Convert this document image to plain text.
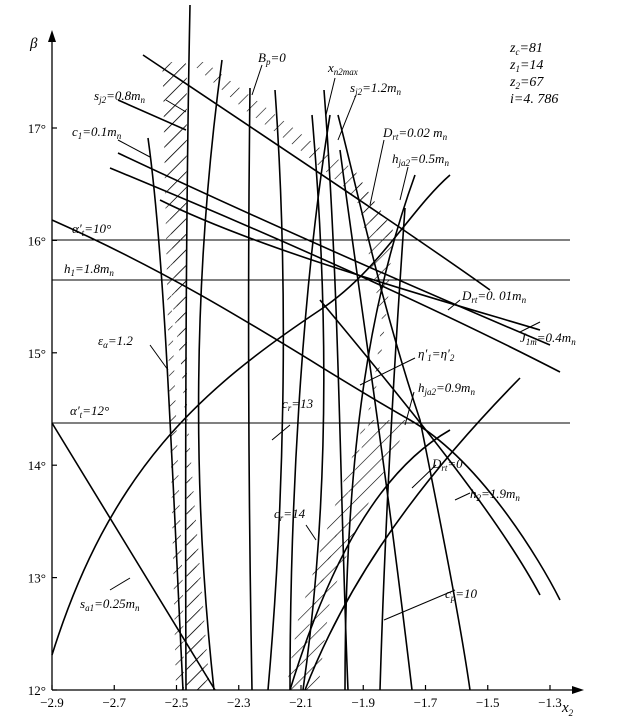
−2.9	−2.7	−2.5	−2.3	−2.1	−1.9	−1.7	−1.5	−1.3
12°
13°
14°
15°
16°
17°
β
$x_2$
$z_c=81$
$z_1=14$
$z_2=67$
i=4. 786
$B_p=0$
$x_{n2max}$
$s_{j2}=0.8m_n$
$s_{j2}=1.2m_n$
$c_1=0.1m_n$	$D_{rt}=0.02$ $m_n$
$h_{ja2}=0.5m_n$
$\alpha'_t=10^\circ$
$h_1=1.8m_n$
$D_{rt}=0$. $01m_n$
$J_{1m}=0.4m_n$
$\varepsilon_\alpha=1.2$
$\eta'_1=\eta'_2$
$h_{ja2}=0.9m_n$
$\alpha'_t=12^\circ$	$c_r=13$
$D_{rt}=0$
$h_2=1.9m_n$
$c_r=14$
$c_p=10$
$s_{a1}=0.25m_n$
